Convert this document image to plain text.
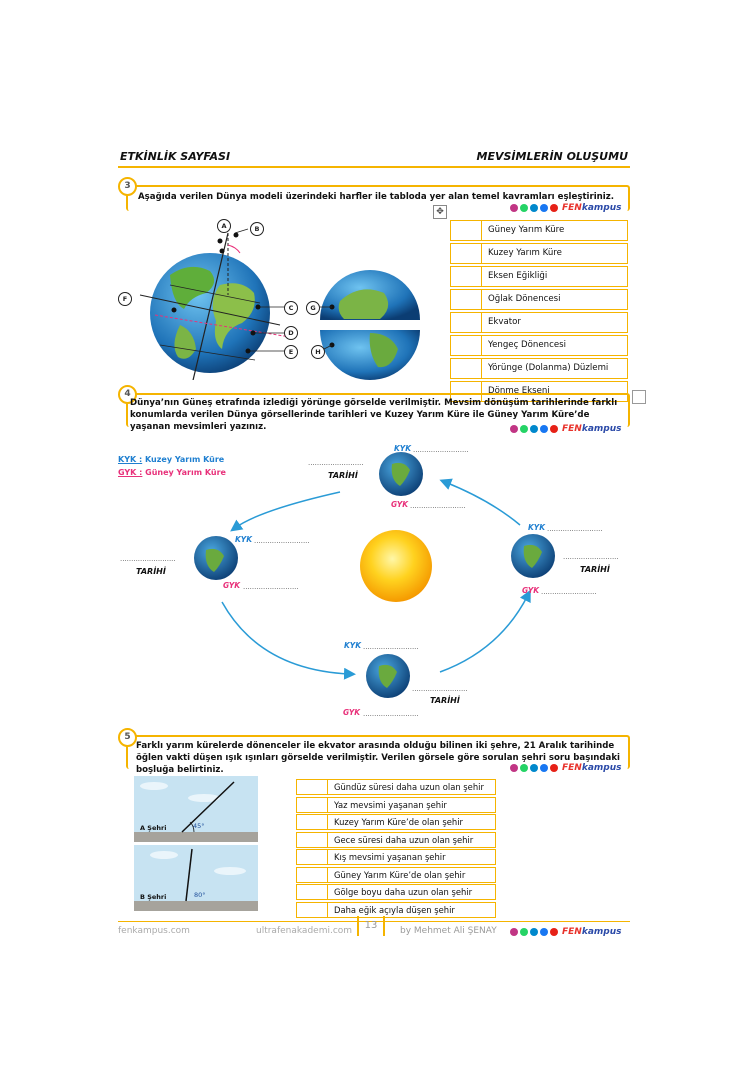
ETKİNLİK SAYFASI	MEVSİMLERİN OLUŞUMU
3
Aşağıda verilen Dünya modeli üzerindeki harfler ile tabloda yer alan temel kavramları eşleştiriniz.
FENkampus
✥
A	B
C
D
E
F
G
H
Güney Yarım Küre
Kuzey Yarım Küre
Eksen Eğikliği
Oğlak Dönencesi
Ekvator
Yengeç Dönencesi
Yörünge (Dolanma) Düzlemi
Dönme Ekseni
4
Dünya’nın Güneş etrafında izlediği yörünge görselde verilmiştir. Mevsim dönüşüm tarihlerinde farklı konumlarda verilen Dünya görsellerinde tarihleri ve Kuzey Yarım Küre ile Güney Yarım Küre’de yaşanan mevsimleri yazınız.	FENkampus
KYK : Kuzey Yarım Küre
GYK : Güney Yarım Küre
KYK .........................
.........................
TARİHİ
GYK .........................
KYK .........................
.........................
TARİHİ
GYK .........................
KYK .........................
.........................
TARİHİ
GYK .........................
KYK .........................
.........................
TARİHİ
GYK .........................
5
Farklı yarım kürelerde dönenceler ile ekvator arasında olduğu bilinen iki şehre, 21 Aralık tarihinde öğlen vakti düşen ışık ışınları görselde verilmiştir. Verilen görsele göre sorulan şehri soru başındaki boşluğa belirtiniz.	FENkampus
A Şehri	45°
B Şehri	80°
Gündüz süresi daha uzun olan şehir
Yaz mevsimi yaşanan şehir
Kuzey Yarım Küre’de olan şehir
Gece süresi daha uzun olan şehir
Kış mevsimi yaşanan şehir
Güney Yarım Küre’de olan şehir
Gölge boyu daha uzun olan şehir
Daha eğik açıyla düşen şehir
fenkampus.com	ultrafenakademi.com	13	by Mehmet Ali ŞENAY	FENkampus
